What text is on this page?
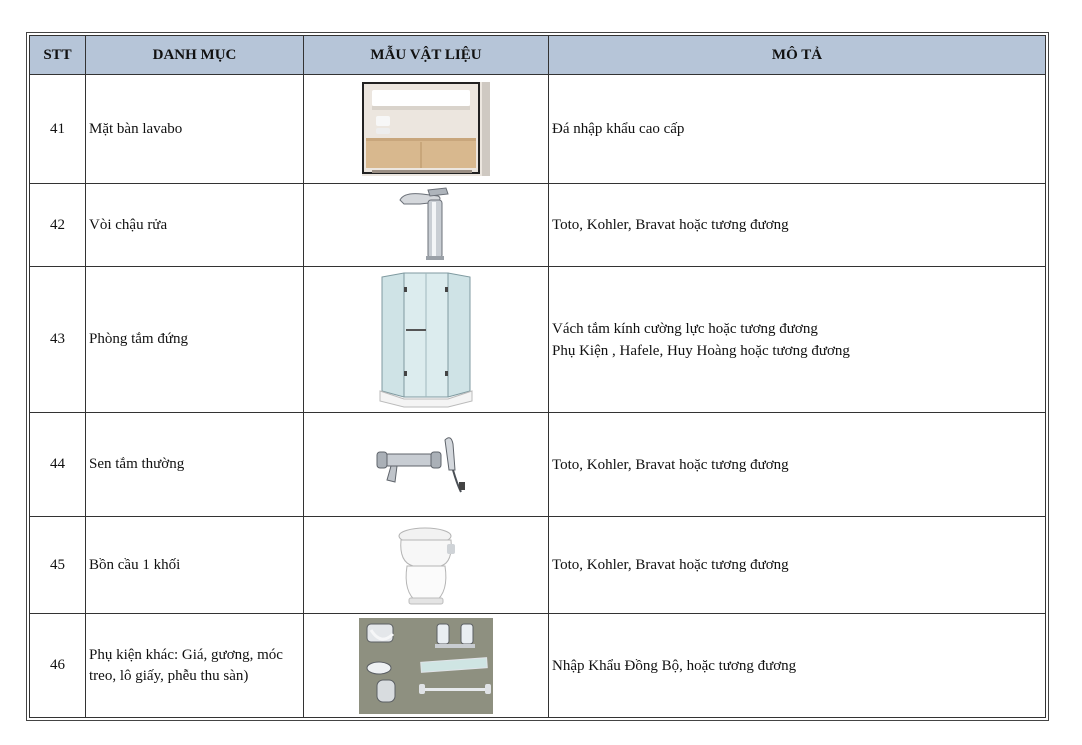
STT	DANH MỤC	MẪU VẬT LIỆU	MÔ TẢ
41	Mặt bàn lavabo		Đá nhập khẩu cao cấp

42	Vòi chậu rửa		Toto, Kohler, Bravat hoặc tương đương

43	Phòng tắm đứng		Vách tắm kính cường lực hoặc tương đương
Phụ Kiện , Hafele, Huy Hoàng hoặc tương đương

44	Sen tắm thường		Toto, Kohler, Bravat hoặc tương đương

45	Bồn cầu 1 khối		Toto, Kohler, Bravat hoặc tương đương

46	Phụ kiện khác: Giá, gương, móc treo, lô giấy, phễu thu sàn)		Nhập Khẩu Đồng Bộ, hoặc tương đương
